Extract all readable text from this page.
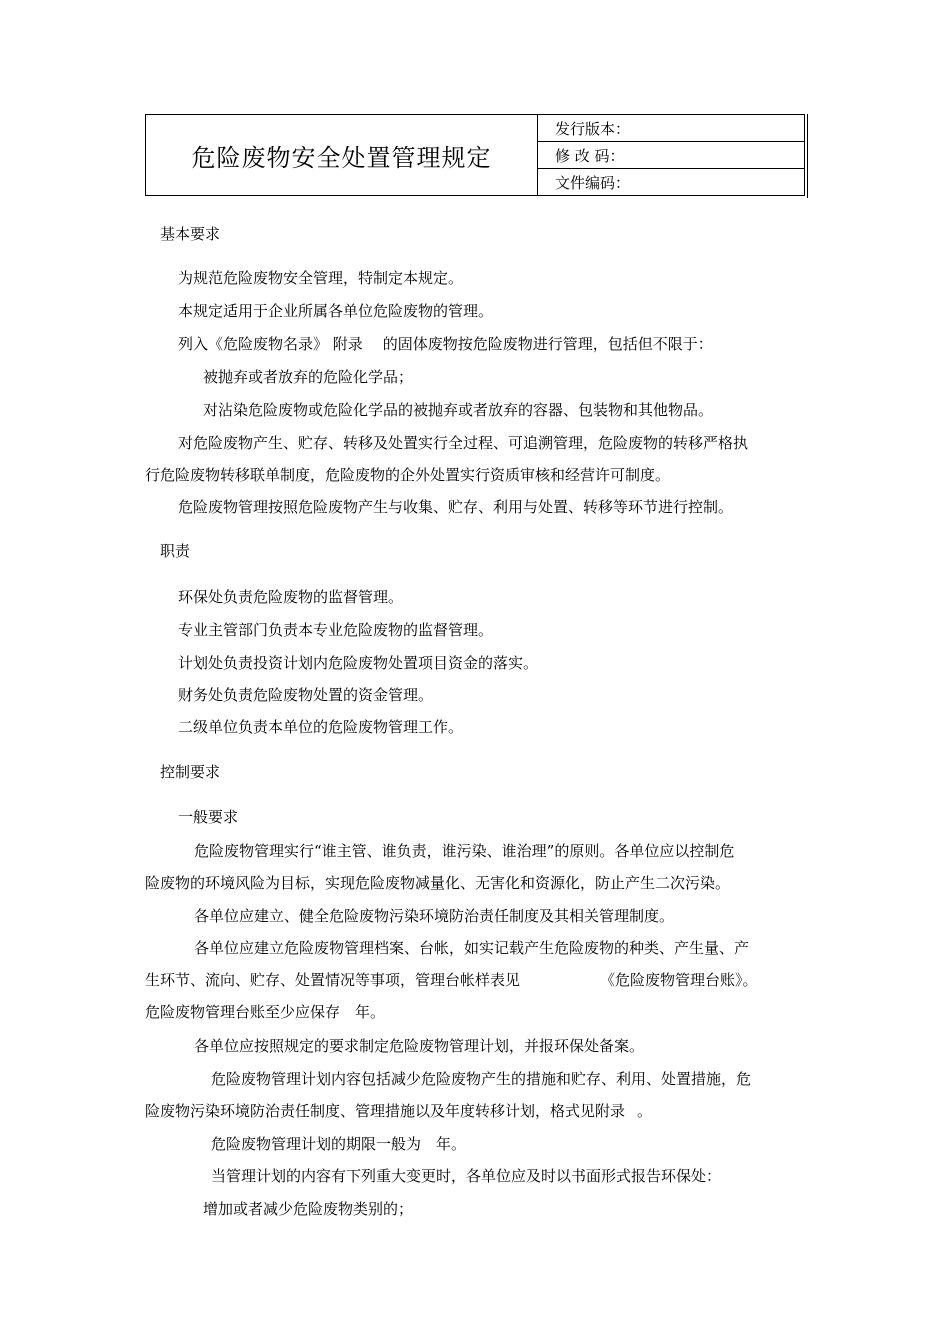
危险废物安全处置管理规定
发行版本：
修 改 码：
文件编码：
基本要求
为规范危险废物安全管理，特制定本规定。
本规定适用于企业所属各单位危险废物的管理。
列入《危险废物名录》 附录 的固体废物按危险废物进行管理，包括但不限于：
被抛弃或者放弃的危险化学品；
对沾染危险废物或危险化学品的被抛弃或者放弃的容器、包装物和其他物品。
对危险废物产生、贮存、转移及处置实行全过程、可追溯管理，危险废物的转移严格执
行危险废物转移联单制度，危险废物的企外处置实行资质审核和经营许可制度。
危险废物管理按照危险废物产生与收集、贮存、利用与处置、转移等环节进行控制。
职责
环保处负责危险废物的监督管理。
专业主管部门负责本专业危险废物的监督管理。
计划处负责投资计划内危险废物处置项目资金的落实。
财务处负责危险废物处置的资金管理。
二级单位负责本单位的危险废物管理工作。
控制要求
一般要求
危险废物管理实行“谁主管、谁负责，谁污染、谁治理”的原则。各单位应以控制危
险废物的环境风险为目标，实现危险废物减量化、无害化和资源化，防止产生二次污染。
各单位应建立、健全危险废物污染环境防治责任制度及其相关管理制度。
各单位应建立危险废物管理档案、台帐，如实记载产生危险废物的种类、产生量、产
生环节、流向、贮存、处置情况等事项，管理台帐样表见	《危险废物管理台账》。
危险废物管理台账至少应保存 年。
各单位应按照规定的要求制定危险废物管理计划，并报环保处备案。
危险废物管理计划内容包括减少危险废物产生的措施和贮存、利用、处置措施，危
险废物污染环境防治责任制度、管理措施以及年度转移计划，格式见附录 。
危险废物管理计划的期限一般为 年。
当管理计划的内容有下列重大变更时，各单位应及时以书面形式报告环保处：
增加或者减少危险废物类别的；
